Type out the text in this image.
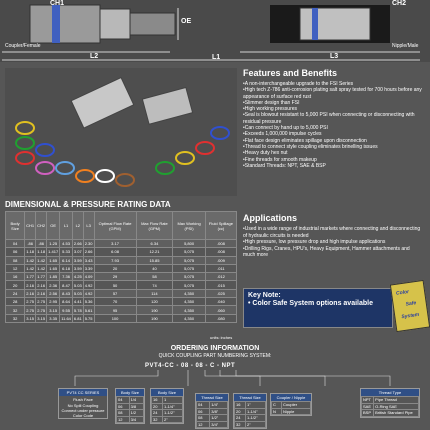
CH1	CH2
OE
Coupler/Female	Nipple/Male
L2	L1	L3
Features and Benefits
• A non-interchangeable upgrade to the FSI Series
• High tech Z-786 anti-corrosion plating salt spray tested for 700 hours before any appearance of surface red rust
• Slimmer design than FSI
• High working pressures
• Seal is blowout resistant to 5,000 PSI when connecting or disconnecting with residual pressure
• Can connect by hand up to 5,000 PSI
• Exceeds 1,000,000 impulse cycles
• Flat face design eliminates spillage upon disconnection
• Thread to connect style coupling eliminates brinelling issues
• Heavy duty hex nut
• Fine threads for smooth makeup
• Standard Threads: NPT, SAE & BSP
Applications
• Used in a wide range of industrial markets where connecting and disconnecting of hydraulic circuits is needed
• High pressure, low pressure drop and high impulse applications
• Drilling Rigs, Cranes, HPU's, Heavy Equipment, Hammer attachments and much more
DIMENSIONAL & PRESSURE RATING DATA
Body Size	CH1	CH2	OE	L1	L2	L3	Optimal Flow Rate (GPM)	Max Flow Rate (GPM)	Max Working (PSI)	Fluid Spillage (cc)
04	.86	.86	1.25	4.53	2.66	2.30	3.17	6.34	5,800	.008
06	1.18	1.18	1.417	5.33	3.07	2.66	6.08	12.21	5,075	.008
08	1.42	1.42	1.65	6.14	3.59	3.43	7.93	15.85	5,075	.009
12	1.42	1.42	1.65	6.18	3.59	3.39	20	40	5,075	.011
16	1.77	1.77	1.85	7.36	4.25	4.09	29	58	5,075	.012
20	2.16	2.16	2.36	8.47	5.03	4.92	50	74	5,075	.015
24	2.16	2.16	2.56	8.43	5.03	4.92	57	114	4,350	.025
28	2.75	2.75	2.95	8.64	4.41	5.36	70	120	4,350	.040
32	2.75	2.75	3.15	9.55	5.78	5.61	95	190	4,350	.060
32	3.15	3.15	3.35	11.64	6.81	5.75	100	190	4,350	.080
units: inches
Key Note:
• Color Safe System options available
Color
Safe
System
ORDERING INFORMATION
QUICK COUPLING PART NUMBERING SYSTEM:
PVT4-CC - 08 - 08 - C - NPT
PVT4 CC SERIES
Flush Face
No Spill Coupling
Connect under pressure
Color Code
Body Size
04	1/4
06	3/8
08	1/2
12	3/4
Body Size
16	1
20	1-1/4"
24	1-1/2"
32	2"
Thread Size
04	1/4"
06	3/8"
08	1/2"
12	3/4"
Thread Size
16	1"
20	1-1/4"
24	1-1/2"
32	2"
Coupler / Nipple
C	Coupler
N	Nipple
Thread Type
NPT	Pipe Thread
SAE	O-Ring SAE
BSP	British Standard Pipe
